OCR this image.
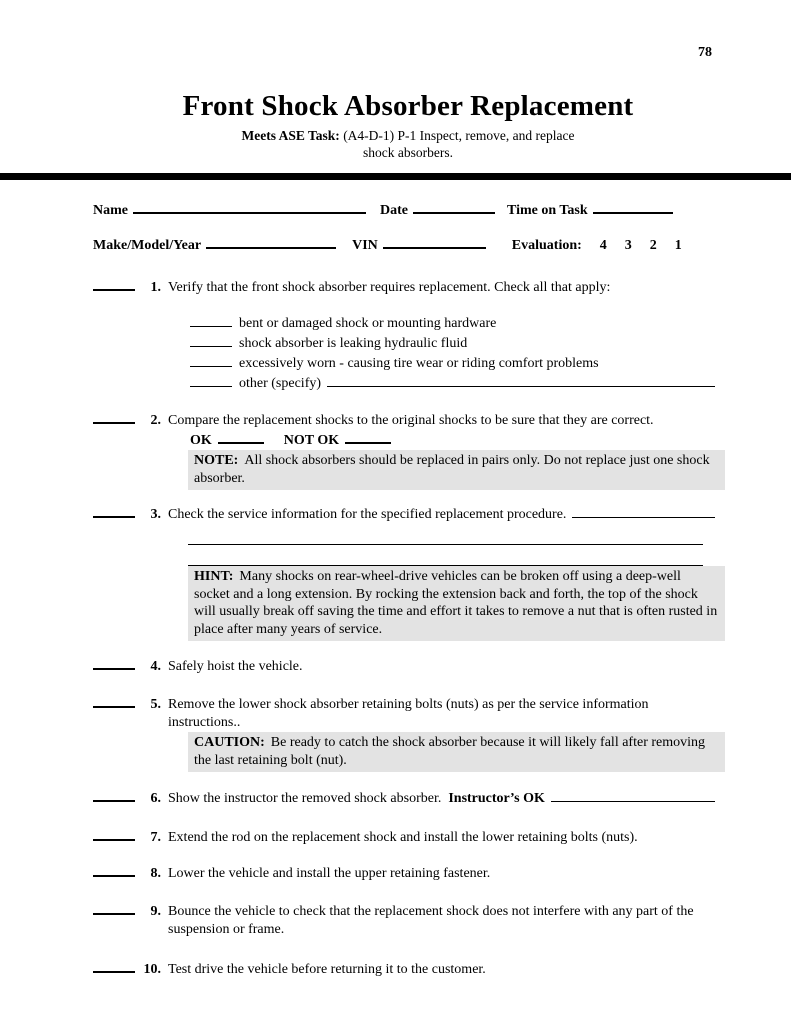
78
Front Shock Absorber Replacement
Meets ASE Task: (A4-D-1) P-1 Inspect, remove, and replace
shock absorbers.
Name	Date	Time on Task
Make/Model/Year	VIN	Evaluation: 4 3 2 1
1. Verify that the front shock absorber requires replacement. Check all that apply:
bent or damaged shock or mounting hardware
shock absorber is leaking hydraulic fluid
excessively worn - causing tire wear or riding comfort problems
other (specify)
2. Compare the replacement shocks to the original shocks to be sure that they are correct.
OK	NOT OK
NOTE: All shock absorbers should be replaced in pairs only. Do not replace just one shock absorber.
3. Check the service information for the specified replacement procedure.
HINT: Many shocks on rear-wheel-drive vehicles can be broken off using a deep-well socket and a long extension. By rocking the extension back and forth, the top of the shock will usually break off saving the time and effort it takes to remove a nut that is often rusted in place after many years of service.
4. Safely hoist the vehicle.
5. Remove the lower shock absorber retaining bolts (nuts) as per the service information instructions..
CAUTION: Be ready to catch the shock absorber because it will likely fall after removing the last retaining bolt (nut).
6. Show the instructor the removed shock absorber. Instructor’s OK
7. Extend the rod on the replacement shock and install the lower retaining bolts (nuts).
8. Lower the vehicle and install the upper retaining fastener.
9. Bounce the vehicle to check that the replacement shock does not interfere with any part of the suspension or frame.
10. Test drive the vehicle before returning it to the customer.
